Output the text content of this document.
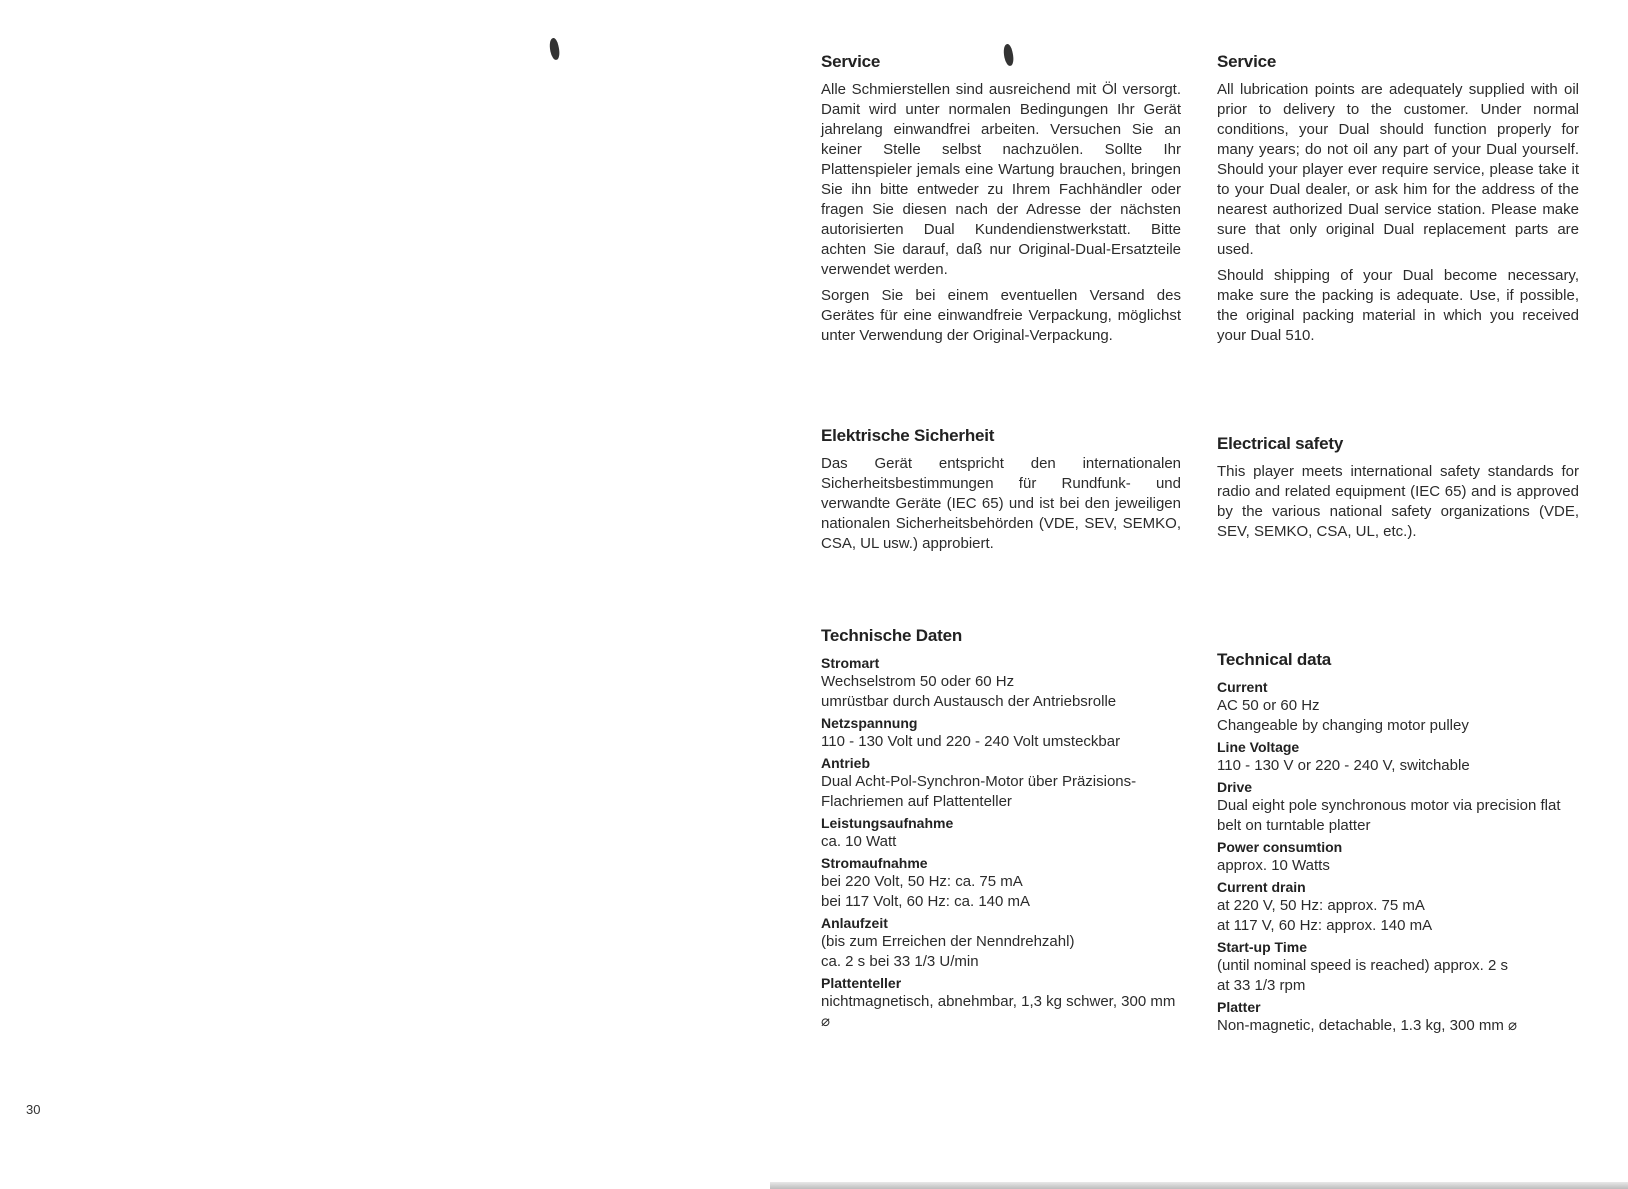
30
Service

Alle Schmierstellen sind ausreichend mit Öl versorgt. Damit wird unter normalen Bedingungen Ihr Gerät jahrelang einwandfrei arbeiten. Versuchen Sie an keiner Stelle selbst nachzuölen. Sollte Ihr Plattenspieler jemals eine Wartung brauchen, bringen Sie ihn bitte entweder zu Ihrem Fachhändler oder fragen Sie diesen nach der Adresse der nächsten autorisierten Dual Kundendienstwerkstatt. Bitte achten Sie darauf, daß nur Original-Dual-Ersatzteile verwendet werden.

Sorgen Sie bei einem eventuellen Versand des Gerätes für eine einwandfreie Verpackung, möglichst unter Verwendung der Original-Verpackung.

Elektrische Sicherheit

Das Gerät entspricht den internationalen Sicherheitsbestimmungen für Rundfunk- und verwandte Geräte (IEC 65) und ist bei den jeweiligen nationalen Sicherheitsbehörden (VDE, SEV, SEMKO, CSA, UL usw.) approbiert.

Technische Daten
Stromart
Wechselstrom 50 oder 60 Hz
umrüstbar durch Austausch der Antriebsrolle
Netzspannung
110 - 130 Volt und 220 - 240 Volt umsteckbar
Antrieb
Dual Acht-Pol-Synchron-Motor über Präzisions-Flachriemen auf Plattenteller
Leistungsaufnahme
ca. 10 Watt
Stromaufnahme
bei 220 Volt, 50 Hz: ca. 75 mA
bei 117 Volt, 60 Hz: ca. 140 mA
Anlaufzeit
(bis zum Erreichen der Nenndrehzahl)
ca. 2 s bei 33 1/3 U/min
Plattenteller
nichtmagnetisch, abnehmbar, 1,3 kg schwer, 300 mm ⌀
Service

All lubrication points are adequately supplied with oil prior to delivery to the customer. Under normal conditions, your Dual should function properly for many years; do not oil any part of your Dual yourself. Should your player ever require service, please take it to your Dual dealer, or ask him for the address of the nearest authorized Dual service station. Please make sure that only original Dual replacement parts are used.

Should shipping of your Dual become necessary, make sure the packing is adequate. Use, if possible, the original packing material in which you received your Dual 510.

Electrical safety

This player meets international safety standards for radio and related equipment (IEC 65) and is approved by the various national safety organizations (VDE, SEV, SEMKO, CSA, UL, etc.).

Technical data
Current
AC 50 or 60 Hz
Changeable by changing motor pulley
Line Voltage
110 - 130 V or 220 - 240 V, switchable
Drive
Dual eight pole synchronous motor via precision flat belt on turntable platter
Power consumtion
approx. 10 Watts
Current drain
at 220 V, 50 Hz: approx. 75 mA
at 117 V, 60 Hz: approx. 140 mA
Start-up Time
(until nominal speed is reached) approx. 2 s
at 33 1/3 rpm
Platter
Non-magnetic, detachable, 1.3 kg, 300 mm ⌀
